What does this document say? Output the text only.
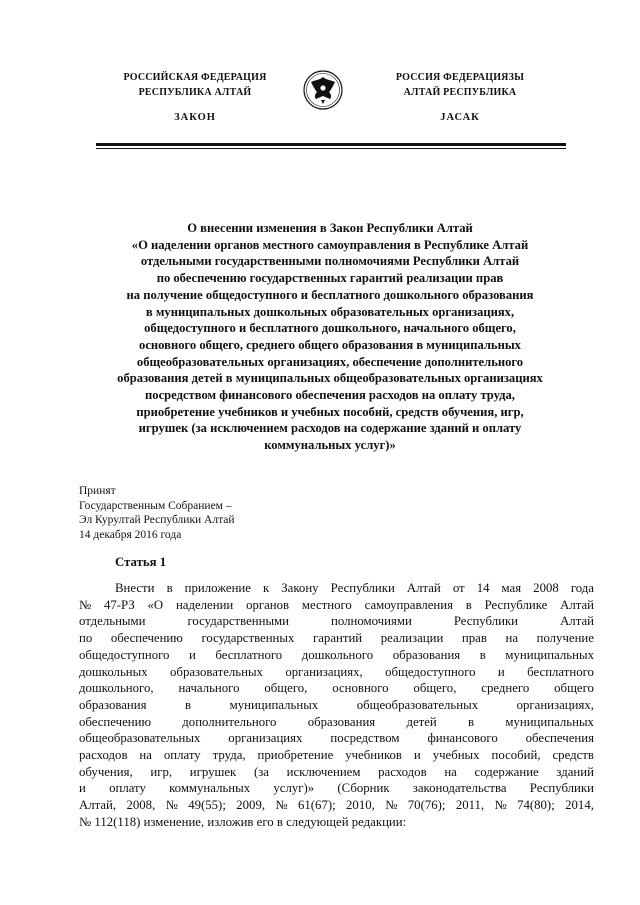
РОССИЙСКАЯ ФЕДЕРАЦИЯ
РЕСПУБЛИКА АЛТАЙ
ЗАКОН
РОССИЯ ФЕДЕРАЦИЯЗЫ
АЛТАЙ РЕСПУБЛИКА
JАСАК
О внесении изменения в Закон Республики Алтай
«О наделении органов местного самоуправления в Республике Алтай
отдельными государственными полномочиями Республики Алтай
по обеспечению государственных гарантий реализации прав
на получение общедоступного и бесплатного дошкольного образования
в муниципальных дошкольных образовательных организациях,
общедоступного и бесплатного дошкольного, начального общего,
основного общего, среднего общего образования в муниципальных
общеобразовательных организациях, обеспечение дополнительного
образования детей в муниципальных общеобразовательных организациях
посредством финансового обеспечения расходов на оплату труда,
приобретение учебников и учебных пособий, средств обучения, игр,
игрушек (за исключением расходов на содержание зданий и оплату
коммунальных услуг)»
Принят
Государственным Собранием –
Эл Курултай Республики Алтай
14 декабря 2016 года
Статья 1
Внести в приложение к Закону Республики Алтай от 14 мая 2008 года
№ 47-РЗ «О наделении органов местного самоуправления в Республике Алтай
отдельными	государственными	полномочиями	Республики	Алтай
по обеспечению государственных гарантий реализации прав на получение
общедоступного и бесплатного дошкольного образования в муниципальных
дошкольных образовательных организациях, общедоступного и бесплатного
дошкольного, начального общего, основного общего, среднего общего
образования	в	муниципальных	общеобразовательных	организациях,
обеспечению дополнительного образования детей в муниципальных
общеобразовательных организациях посредством финансового обеспечения
расходов на оплату труда, приобретение учебников и учебных пособий, средств
обучения, игр, игрушек (за исключением расходов на содержание зданий
и оплату коммунальных услуг)» (Сборник законодательства Республики
Алтай, 2008, № 49(55); 2009, № 61(67); 2010, № 70(76); 2011, № 74(80); 2014,
№ 112(118) изменение, изложив его в следующей редакции:
